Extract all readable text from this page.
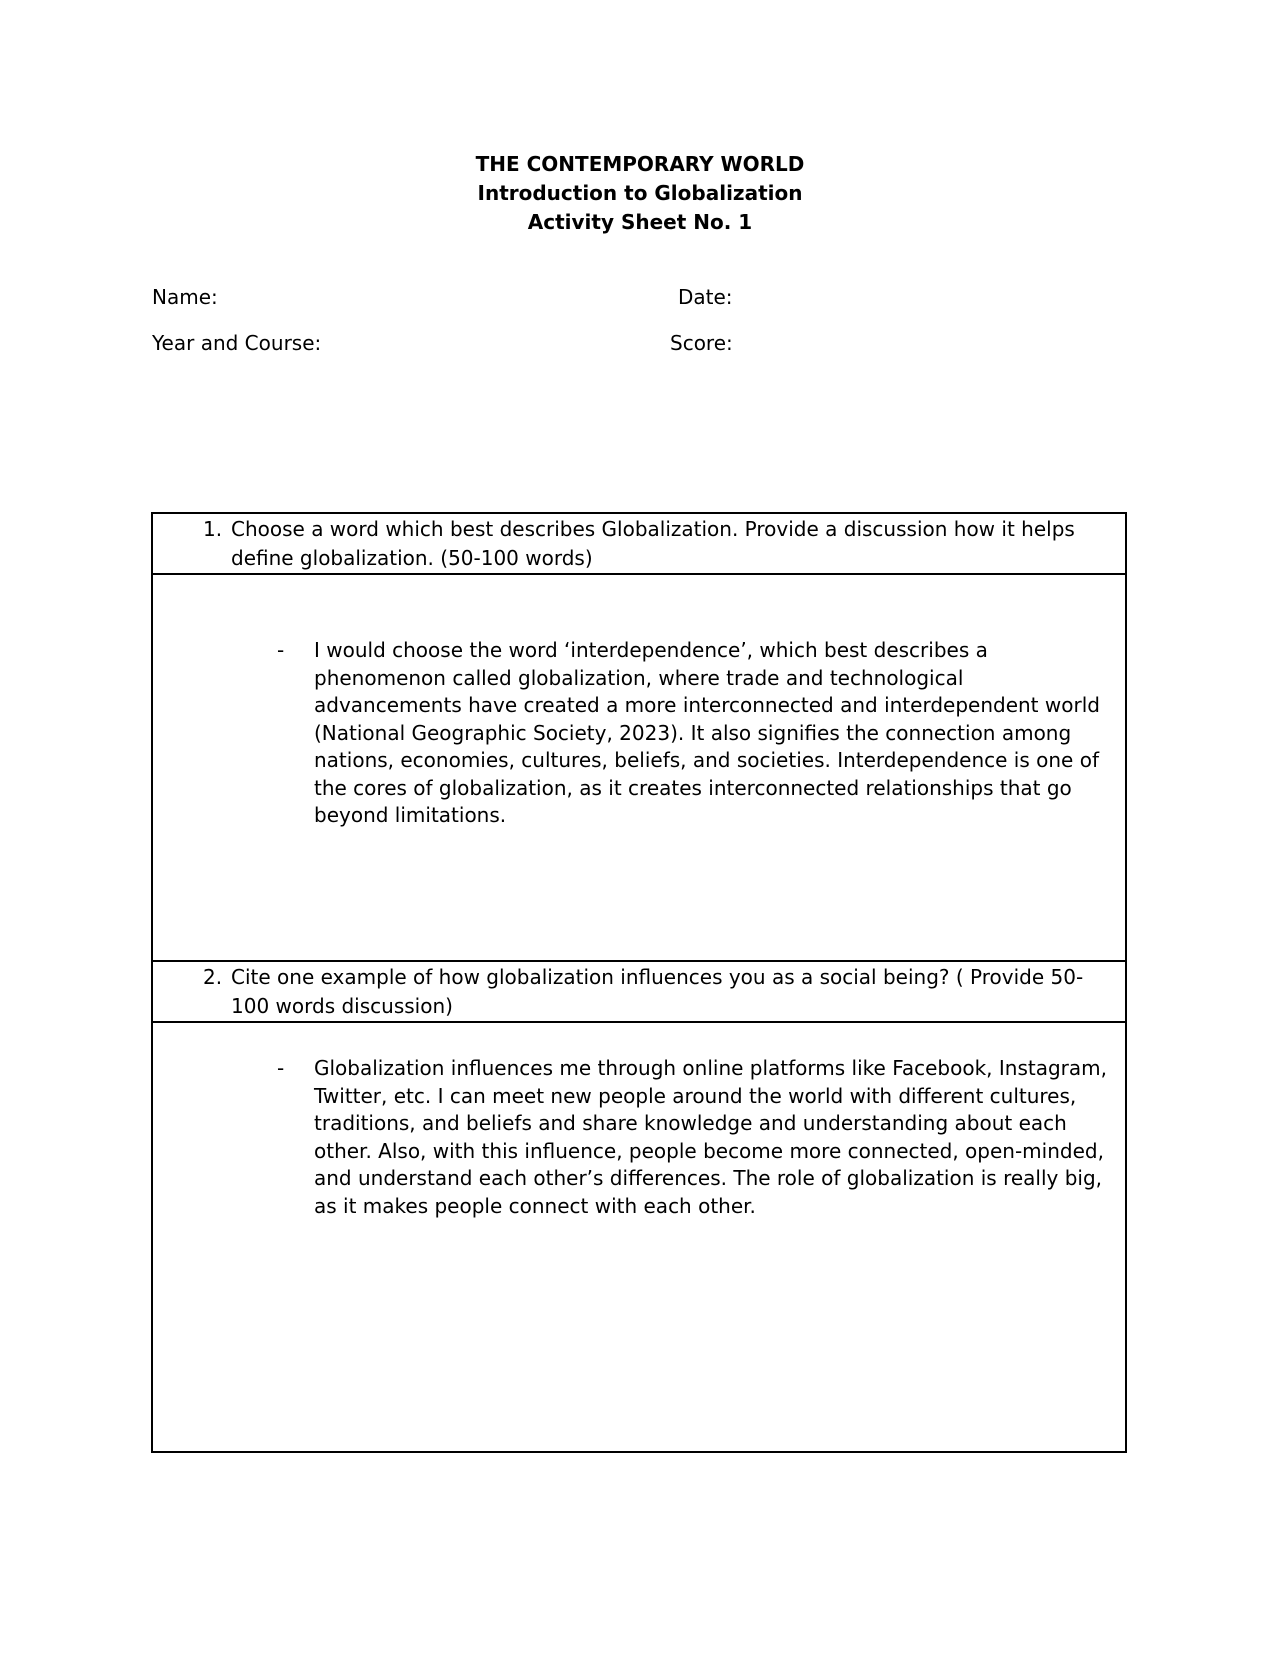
THE CONTEMPORARY WORLD
Introduction to Globalization
Activity Sheet No. 1
Name:	Date:
Year and Course:	Score:
1. Choose a word which best describes Globalization. Provide a discussion how it helps define globalization. (50-100 words)
- I would choose the word ‘interdependence’, which best describes a phenomenon called globalization, where trade and technological advancements have created a more interconnected and interdependent world (National Geographic Society, 2023). It also signifies the connection among nations, economies, cultures, beliefs, and societies. Interdependence is one of the cores of globalization, as it creates interconnected relationships that go beyond limitations.
2. Cite one example of how globalization influences you as a social being? ( Provide 50-100 words discussion)
- Globalization influences me through online platforms like Facebook, Instagram, Twitter, etc. I can meet new people around the world with different cultures, traditions, and beliefs and share knowledge and understanding about each other. Also, with this influence, people become more connected, open-minded, and understand each other’s differences. The role of globalization is really big, as it makes people connect with each other.
